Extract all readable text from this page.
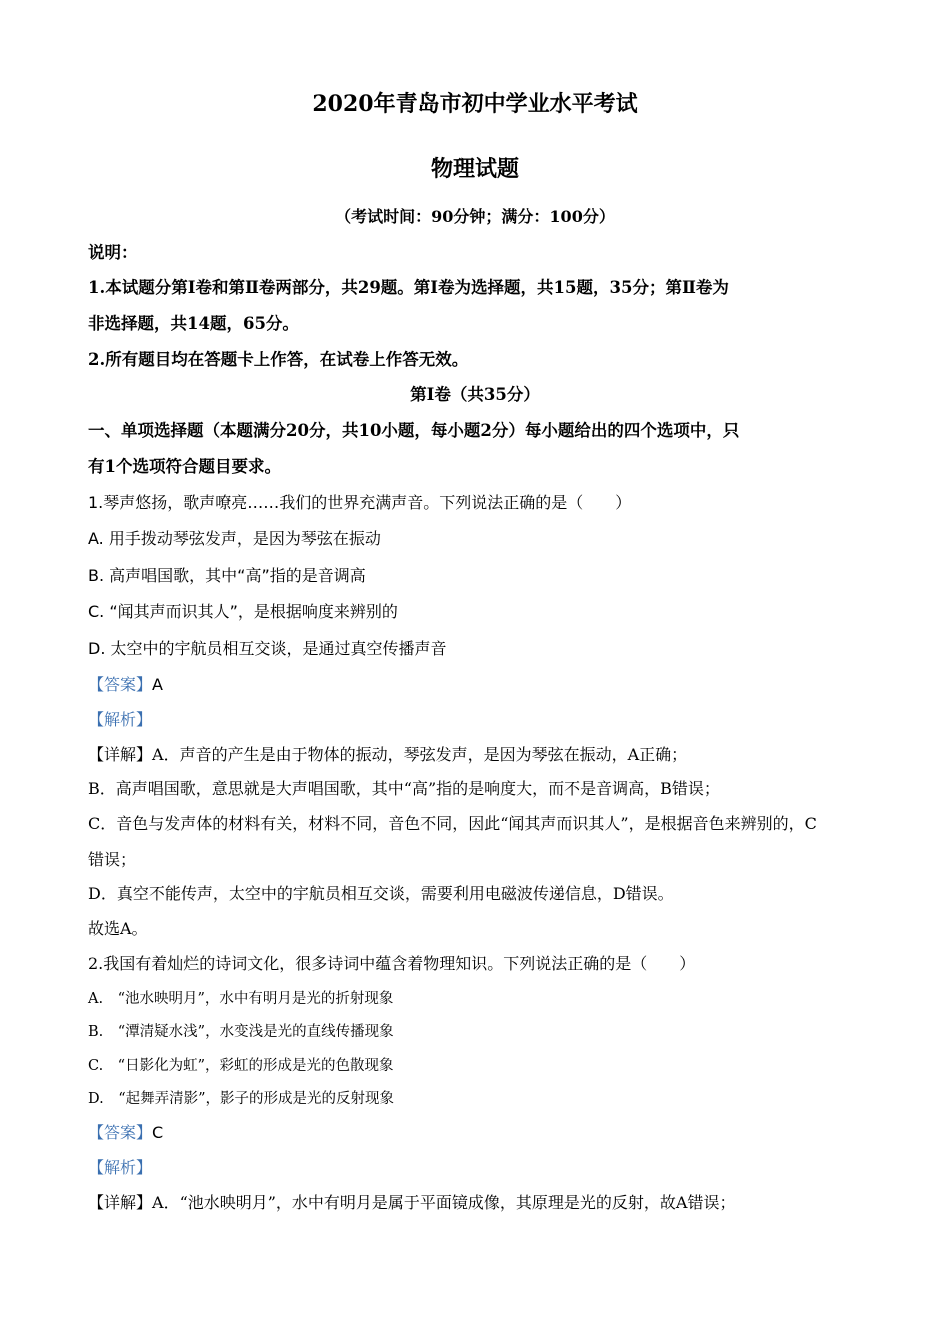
2020年青岛市初中学业水平考试
物理试题
（考试时间：90分钟；满分：100分）
说明：
1.本试题分第Ⅰ卷和第Ⅱ卷两部分，共29题。第Ⅰ卷为选择题，共15题，35分；第Ⅱ卷为
非选择题，共14题，65分。
2.所有题目均在答题卡上作答，在试卷上作答无效。
第Ⅰ卷（共35分）
一、单项选择题（本题满分20分，共10小题，每小题2分）每小题给出的四个选项中，只
有1个选项符合题目要求。
1.琴声悠扬，歌声嘹亮……我们的世界充满声音。下列说法正确的是（　　）
A. 用手拨动琴弦发声，是因为琴弦在振动
B. 高声唱国歌，其中“高”指的是音调高
C. “闻其声而识其人”，是根据响度来辨别的
D. 太空中的宇航员相互交谈，是通过真空传播声音
【答案】A
【解析】
【详解】A．声音的产生是由于物体的振动，琴弦发声，是因为琴弦在振动，A正确；
B．高声唱国歌，意思就是大声唱国歌，其中“高”指的是响度大，而不是音调高，B错误；
C．音色与发声体的材料有关，材料不同，音色不同，因此“闻其声而识其人”，是根据音色来辨别的，C
错误；
D．真空不能传声，太空中的宇航员相互交谈，需要利用电磁波传递信息，D错误。
故选A。
2.我国有着灿烂的诗词文化，很多诗词中蕴含着物理知识。下列说法正确的是（　　）
A.　“池水映明月”，水中有明月是光的折射现象
B.　“潭清疑水浅”，水变浅是光的直线传播现象
C.　“日影化为虹”，彩虹的形成是光的色散现象
D.　“起舞弄清影”，影子的形成是光的反射现象
【答案】C
【解析】
【详解】A．“池水映明月”，水中有明月是属于平面镜成像，其原理是光的反射，故A错误；
